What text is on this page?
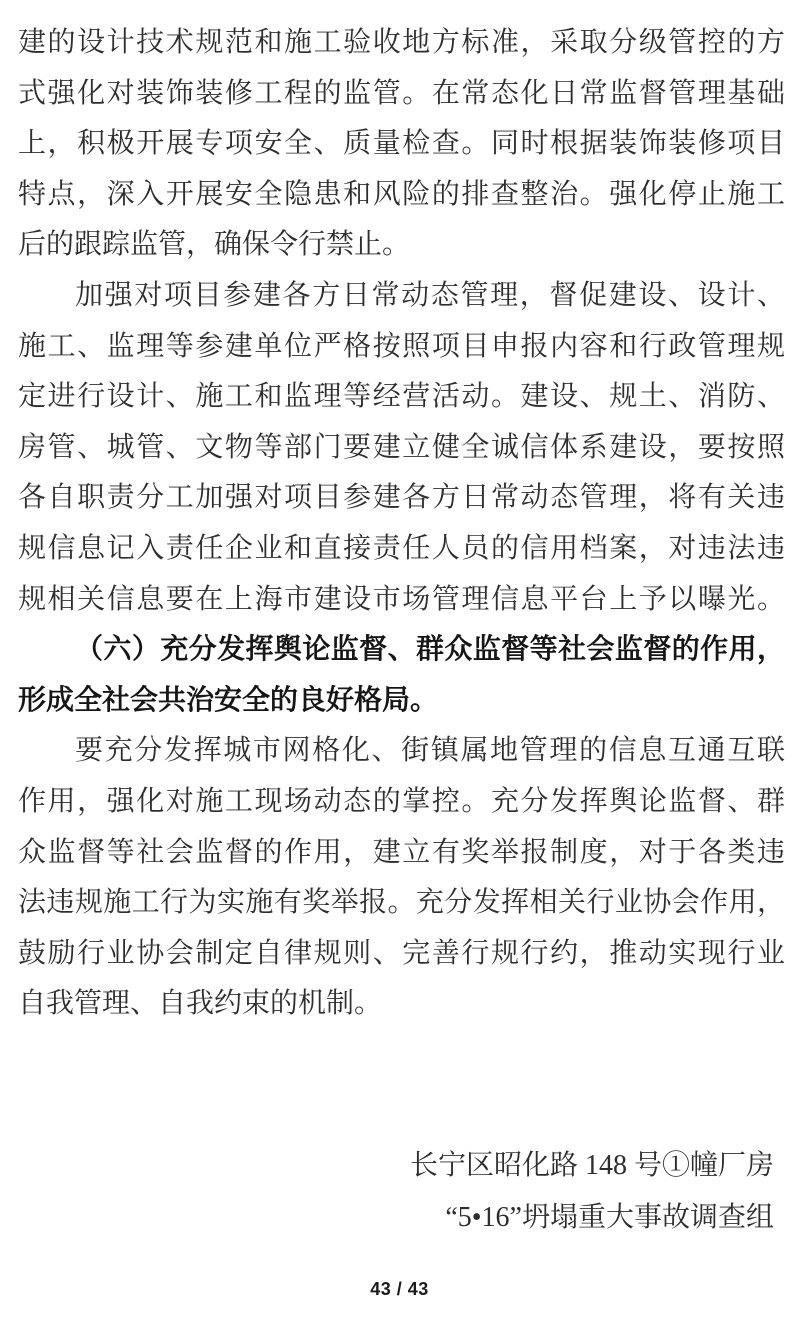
建的设计技术规范和施工验收地方标准，采取分级管控的方
式强化对装饰装修工程的监管。在常态化日常监督管理基础
上，积极开展专项安全、质量检查。同时根据装饰装修项目
特点，深入开展安全隐患和风险的排查整治。强化停止施工
后的跟踪监管，确保令行禁止。
加强对项目参建各方日常动态管理，督促建设、设计、
施工、监理等参建单位严格按照项目申报内容和行政管理规
定进行设计、施工和监理等经营活动。建设、规土、消防、
房管、城管、文物等部门要建立健全诚信体系建设，要按照
各自职责分工加强对项目参建各方日常动态管理，将有关违
规信息记入责任企业和直接责任人员的信用档案，对违法违
规相关信息要在上海市建设市场管理信息平台上予以曝光。
（六）充分发挥舆论监督、群众监督等社会监督的作用，
形成全社会共治安全的良好格局。
要充分发挥城市网格化、街镇属地管理的信息互通互联
作用，强化对施工现场动态的掌控。充分发挥舆论监督、群
众监督等社会监督的作用，建立有奖举报制度，对于各类违
法违规施工行为实施有奖举报。充分发挥相关行业协会作用，
鼓励行业协会制定自律规则、完善行规行约，推动实现行业
自我管理、自我约束的机制。
长宁区昭化路 148 号①幢厂房
“5•16”坍塌重大事故调查组
43 / 43
